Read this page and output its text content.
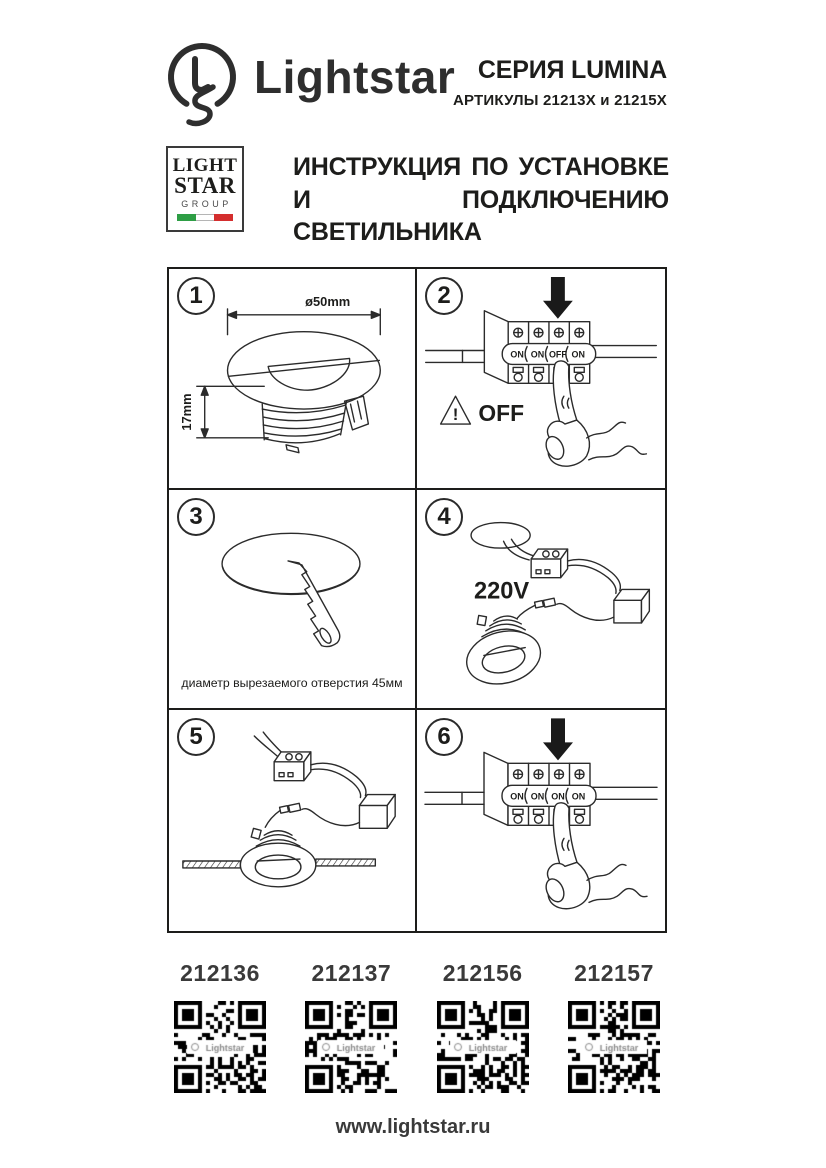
Lightstar СЕРИЯ LUMINA
АРТИКУЛЫ 21213X и 21215X
LIGHT
STAR
GROUP
ИНСТРУКЦИЯ ПО УСТАНОВКЕ
И ПОДКЛЮЧЕНИЮ СВЕТИЛЬНИКА
1	ø50mm
17mm
2
ON ON OFF ON
! OFF
3
диаметр вырезаемого отверстия 45мм
4
220V
5	6
ON ON ON ON
212136	212137	212156	212157
www.lightstar.ru
